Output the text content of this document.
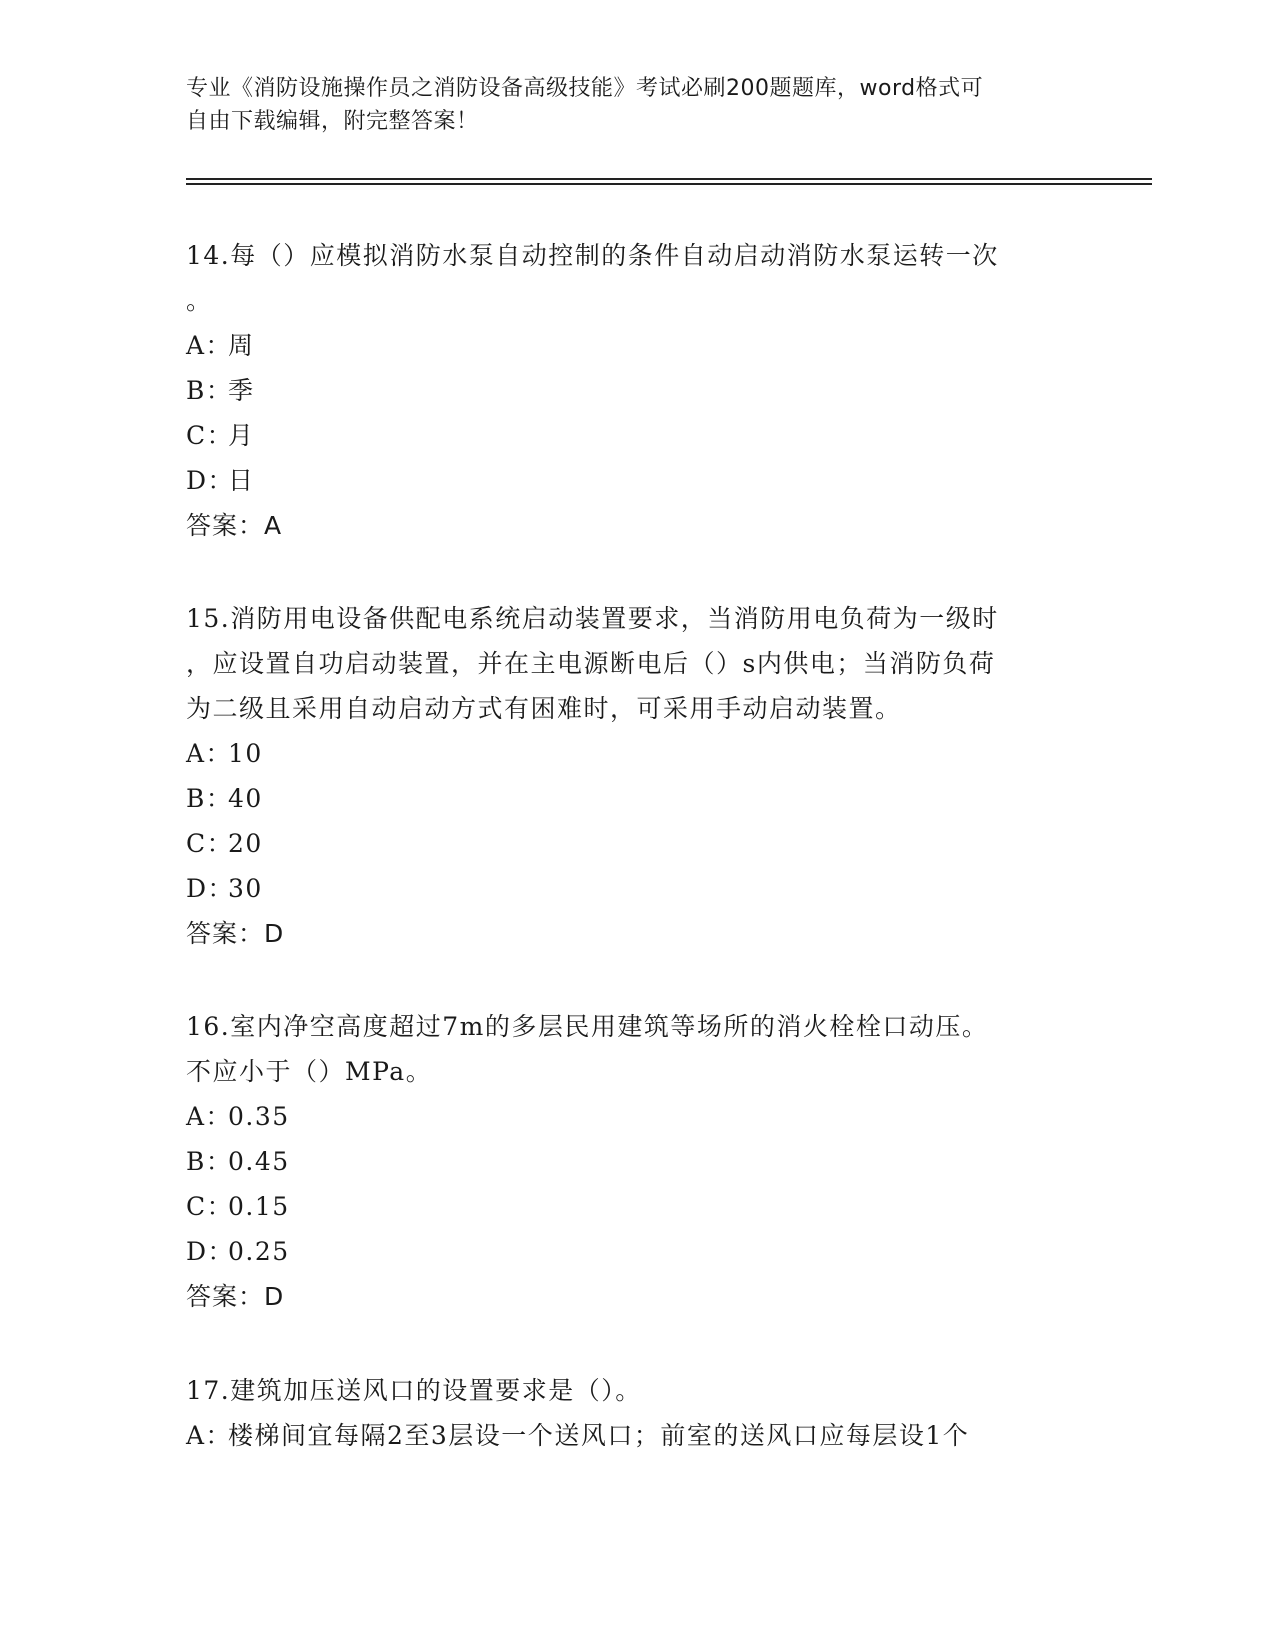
专业《消防设施操作员之消防设备高级技能》考试必刷200题题库，word格式可
自由下载编辑，附完整答案！
14.每（）应模拟消防水泵自动控制的条件自动启动消防水泵运转一次
。
A：周
B：季
C：月
D：日
答案：A
15.消防用电设备供配电系统启动装置要求，当消防用电负荷为一级时
，应设置自功启动装置，并在主电源断电后（）s内供电；当消防负荷
为二级且采用自动启动方式有困难时，可采用手动启动装置。
A：10
B：40
C：20
D：30
答案：D
16.室内净空高度超过7m的多层民用建筑等场所的消火栓栓口动压。
不应小于（）MPa。
A：0.35
B：0.45
C：0.15
D：0.25
答案：D
17.建筑加压送风口的设置要求是（）。
A：楼梯间宜每隔2至3层设一个送风口；前室的送风口应每层设1个
